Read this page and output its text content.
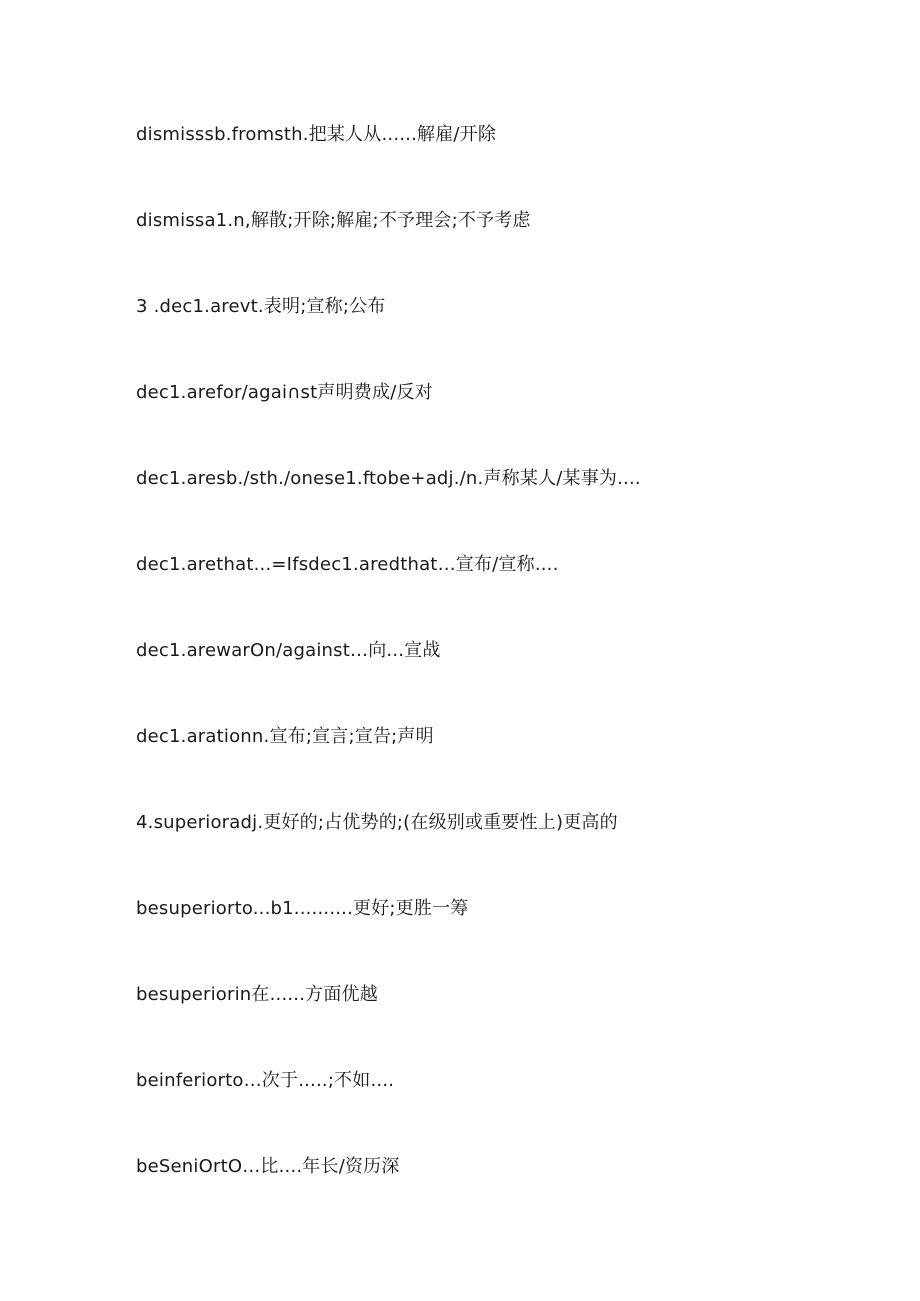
dismisssb.fromsth.把某人从......解雇/开除
dismissa1.n,解散;开除;解雇;不予理会;不予考虑
3 .dec1.arevt.表明;宣称;公布
dec1.arefor∕agai∩st声明费成/反对
dec1.aresb./sth./onese1.ftobe+adj./n.声称某人/某事为....
dec1.arethat...=Ifsdec1.aredthat…宣布/宣称....
dec1.arewarOn/against…向...宣战
dec1.arationn.宣布;宣言;宣告;声明
4.superioradj.更好的;占优势的;(在级别或重要性上)更高的
besuperiorto...b1..........更好;更胜一筹
besuperiorin在......方面优越
beinferiorto…次于.....;不如....
beSeniOrtO…比....年长/资历深
